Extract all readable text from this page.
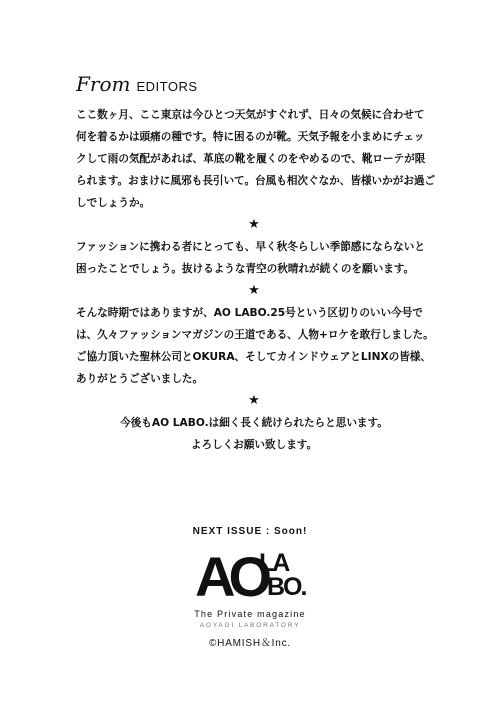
From EDITORS

ここ数ヶ月、ここ東京は今ひとつ天気がすぐれず、日々の気候に合わせて

何を着るかは頭痛の種です。特に困るのが靴。天気予報を小まめにチェッ

クして雨の気配があれば、革底の靴を履くのをやめるので、靴ローテが限

られます。おまけに風邪も長引いて。台風も相次ぐなか、皆様いかがお過ご

しでしょうか。

★

ファッションに携わる者にとっても、早く秋冬らしい季節感にならないと

困ったことでしょう。抜けるような青空の秋晴れが続くのを願います。

★

そんな時期ではありますが、AO LABO.25号という区切りのいい今号で

は、久々ファッションマガジンの王道である、人物+ロケを敢行しました。

ご協力頂いた聖林公司とOKURA、そしてカインドウェアとLINXの皆様、

ありがとうございました。

★

今後もAO LABO.は細く長く続けられたらと思います。

よろしくお願い致します。

NEXT ISSUE : Soon!
AO
LA
BO.
The Private magazine
AOYAGI LABORATORY
©HAMISH＆Inc.
